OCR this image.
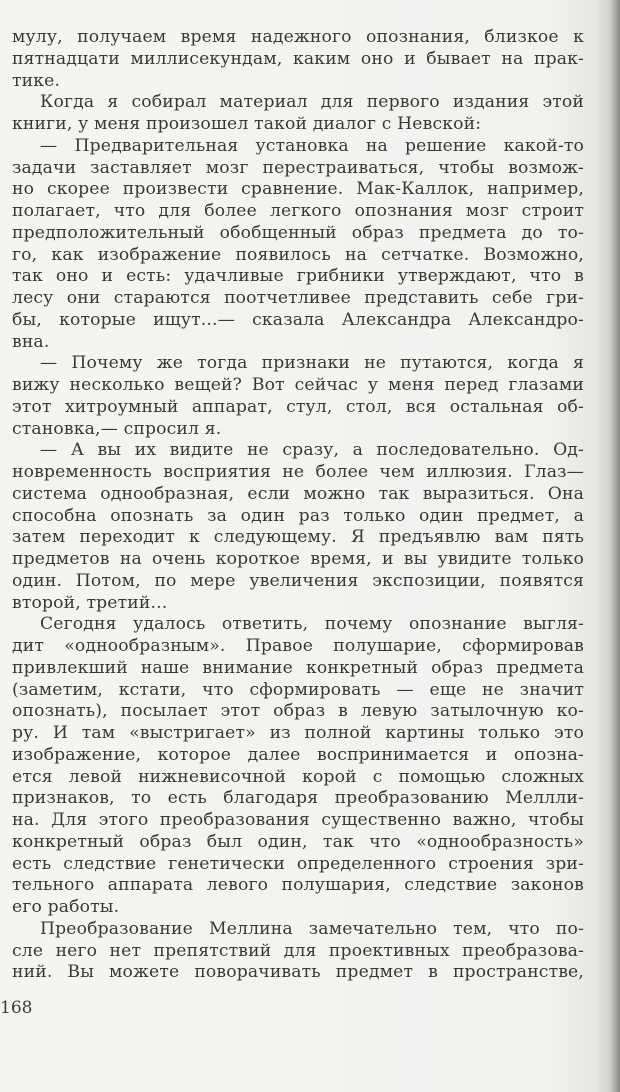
мулу, получаем время надежного опознания, близкое к
пятнадцати миллисекундам, каким оно и бывает на прак-
тике.
Когда я собирал материал для первого издания этой
книги, у меня произошел такой диалог с Невской:
— Предварительная установка на решение какой-то
задачи заставляет мозг перестраиваться, чтобы возмож-
но скорее произвести сравнение. Мак-Каллок, например,
полагает, что для более легкого опознания мозг строит
предположительный обобщенный образ предмета до то-
го, как изображение появилось на сетчатке. Возможно,
так оно и есть: удачливые грибники утверждают, что в
лесу они стараются поотчетливее представить себе гри-
бы, которые ищут...— сказала Александра Александро-
вна.
— Почему же тогда признаки не путаются, когда я
вижу несколько вещей? Вот сейчас у меня перед глазами
этот хитроумный аппарат, стул, стол, вся остальная об-
становка,— спросил я.
— А вы их видите не сразу, а последовательно. Од-
новременность восприятия не более чем иллюзия. Глаз—
система однообразная, если можно так выразиться. Она
способна опознать за один раз только один предмет, а
затем переходит к следующему. Я предъявлю вам пять
предметов на очень короткое время, и вы увидите только
один. Потом, по мере увеличения экспозиции, появятся
второй, третий...
Сегодня удалось ответить, почему опознание выгля-
дит «однообразным». Правое полушарие, сформировав
привлекший наше внимание конкретный образ предмета
(заметим, кстати, что сформировать — еще не значит
опознать), посылает этот образ в левую затылочную ко-
ру. И там «выстригает» из полной картины только это
изображение, которое далее воспринимается и опозна-
ется левой нижневисочной корой с помощью сложных
признаков, то есть благодаря преобразованию Меллли-
на. Для этого преобразования существенно важно, чтобы
конкретный образ был один, так что «однообразность»
есть следствие генетически определенного строения зри-
тельного аппарата левого полушария, следствие законов
его работы.
Преобразование Меллина замечательно тем, что по-
сле него нет препятствий для проективных преобразова-
ний. Вы можете поворачивать предмет в пространстве,
168
